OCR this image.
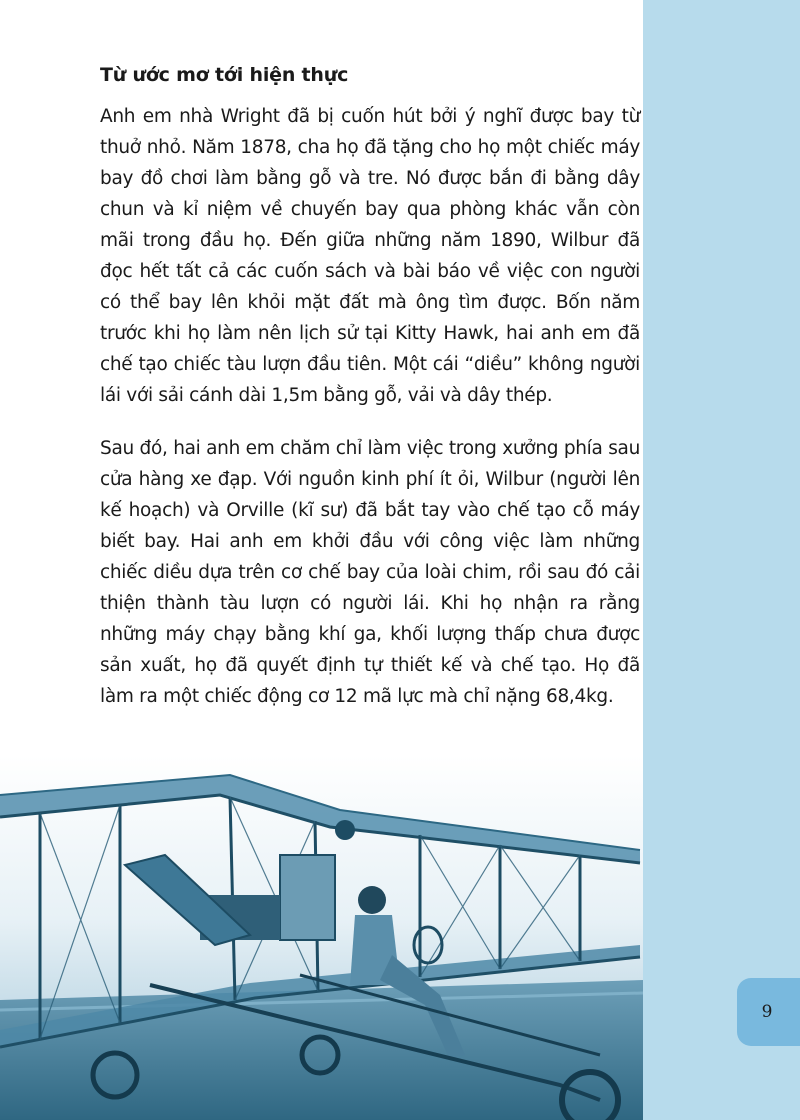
9
Từ ước mơ tới hiện thực

Anh em nhà Wright đã bị cuốn hút bởi ý nghĩ được bay từ thuở nhỏ. Năm 1878, cha họ đã tặng cho họ một chiếc máy bay đồ chơi làm bằng gỗ và tre. Nó được bắn đi bằng dây chun và kỉ niệm về chuyến bay qua phòng khác vẫn còn mãi trong đầu họ. Đến giữa những năm 1890, Wilbur đã đọc hết tất cả các cuốn sách và bài báo về việc con người có thể bay lên khỏi mặt đất mà ông tìm được. Bốn năm trước khi họ làm nên lịch sử tại Kitty Hawk, hai anh em đã chế tạo chiếc tàu lượn đầu tiên. Một cái “diều” không người lái với sải cánh dài 1,5m bằng gỗ, vải và dây thép.

Sau đó, hai anh em chăm chỉ làm việc trong xưởng phía sau cửa hàng xe đạp. Với nguồn kinh phí ít ỏi, Wilbur (người lên kế hoạch) và Orville (kĩ sư) đã bắt tay vào chế tạo cỗ máy biết bay. Hai anh em khởi đầu với công việc làm những chiếc diều dựa trên cơ chế bay của loài chim, rồi sau đó cải thiện thành tàu lượn có người lái. Khi họ nhận ra rằng những máy chạy bằng khí ga, khối lượng thấp chưa được sản xuất, họ đã quyết định tự thiết kế và chế tạo. Họ đã làm ra một chiếc động cơ 12 mã lực mà chỉ nặng 68,4kg.
